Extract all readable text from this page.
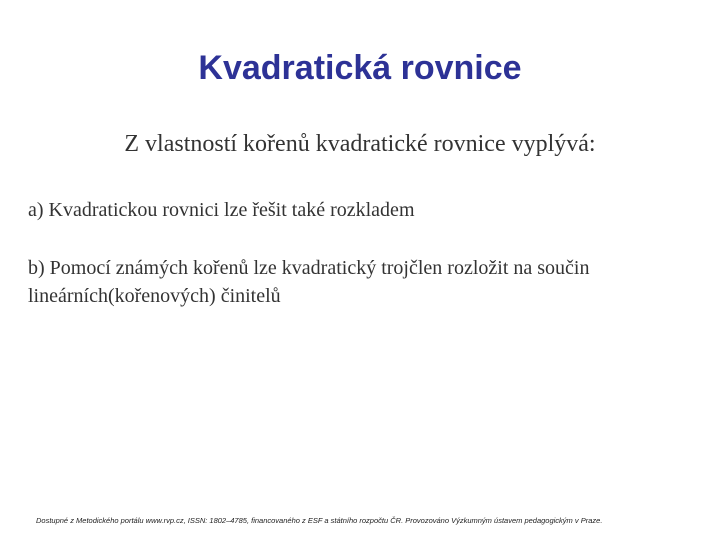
Kvadratická rovnice
Z vlastností kořenů kvadratické rovnice vyplývá:
a) Kvadratickou rovnici lze řešit také rozkladem
b) Pomocí známých kořenů lze kvadratický trojčlen rozložit na součin lineárních(kořenových) činitelů
Dostupné z Metodického portálu www.rvp.cz, ISSN: 1802–4785, financovaného z ESF a státního rozpočtu ČR. Provozováno Výzkumným ústavem pedagogickým v Praze.
